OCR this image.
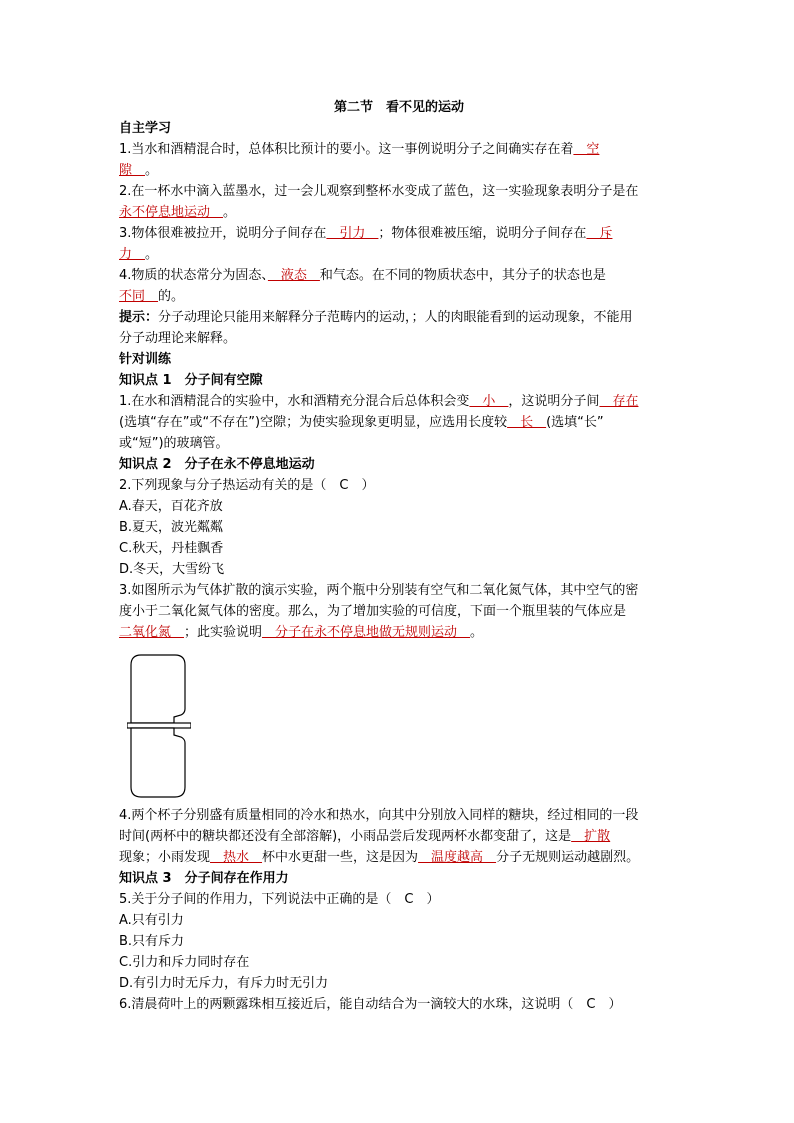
第二节　看不见的运动
自主学习
1.当水和酒精混合时，总体积比预计的要小。这一事例说明分子之间确实存在着　空
隙　。
2.在一杯水中滴入蓝墨水，过一会儿观察到整杯水变成了蓝色，这一实验现象表明分子是在
永不停息地运动　。
3.物体很难被拉开，说明分子间存在　引力　；物体很难被压缩，说明分子间存在　斥
力　。
4.物质的状态常分为固态、　液态　和气态。在不同的物质状态中，其分子的状态也是
不同　的。
提示：分子动理论只能用来解释分子范畴内的运动，；人的肉眼能看到的运动现象，不能用
分子动理论来解释。
针对训练
知识点 1　分子间有空隙
1.在水和酒精混合的实验中，水和酒精充分混合后总体积会变　小　，这说明分子间　存在
(选填“存在”或“不存在”)空隙；为使实验现象更明显，应选用长度较　长　(选填“长”
或“短”)的玻璃管。
知识点 2　分子在永不停息地运动
2.下列现象与分子热运动有关的是（　C　）
A.春天，百花齐放
B.夏天，波光粼粼
C.秋天，丹桂飘香
D.冬天，大雪纷飞
3.如图所示为气体扩散的演示实验，两个瓶中分别装有空气和二氧化氮气体，其中空气的密
度小于二氧化氮气体的密度。那么，为了增加实验的可信度，下面一个瓶里装的气体应是
二氧化氮　；此实验说明　分子在永不停息地做无规则运动　。
4.两个杯子分别盛有质量相同的冷水和热水，向其中分别放入同样的糖块，经过相同的一段
时间(两杯中的糖块都还没有全部溶解)，小雨品尝后发现两杯水都变甜了，这是　扩散
现象；小雨发现　热水　杯中水更甜一些，这是因为　温度越高　分子无规则运动越剧烈。
知识点 3　分子间存在作用力
5.关于分子间的作用力，下列说法中正确的是（　C　）
A.只有引力
B.只有斥力
C.引力和斥力同时存在
D.有引力时无斥力，有斥力时无引力
6.清晨荷叶上的两颗露珠相互接近后，能自动结合为一滴较大的水珠，这说明（　C　）
